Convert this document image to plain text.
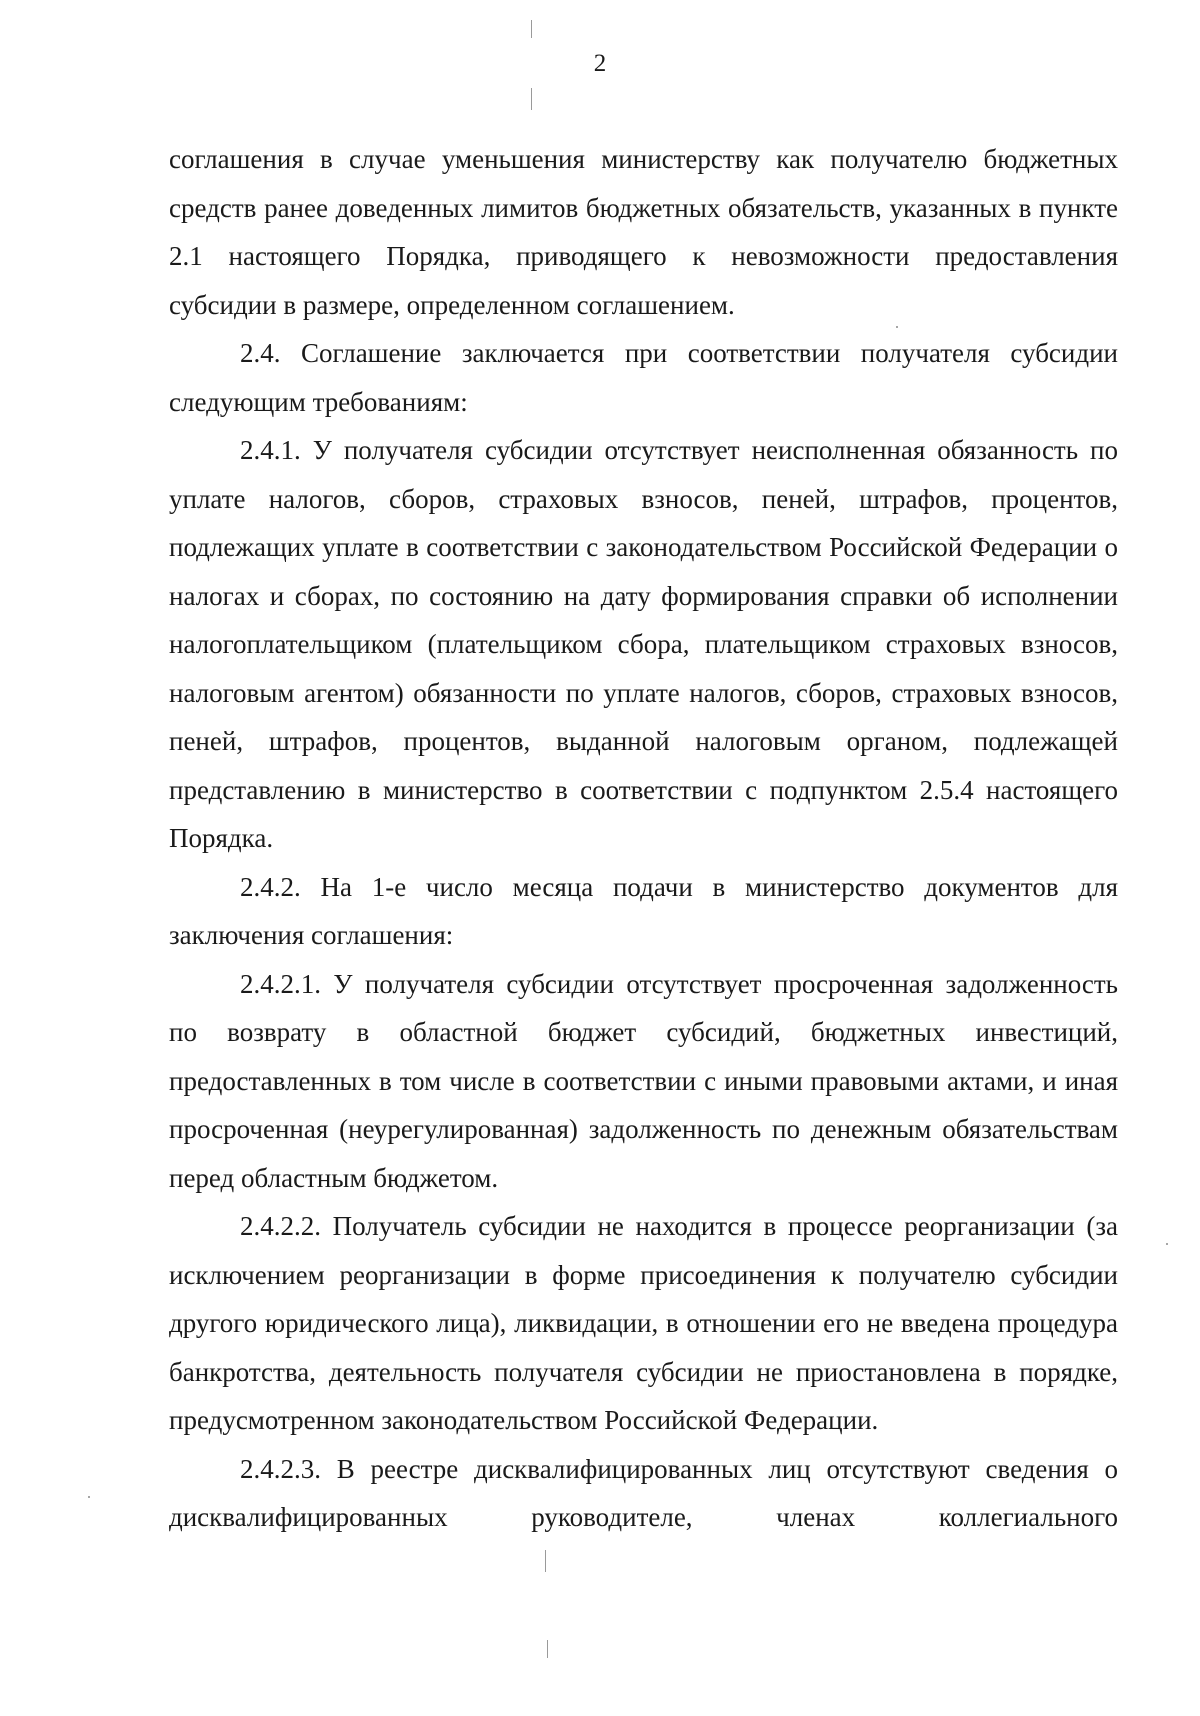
2

соглашения в случае уменьшения министерству как получателю бюджетных средств ранее доведенных лимитов бюджетных обязательств, указанных в пункте 2.1 настоящего Порядка, приводящего к невозможности предоставления субсидии в размере, определенном соглашением.

2.4. Соглашение заключается при соответствии получателя субсидии следующим требованиям:

2.4.1. У получателя субсидии отсутствует неисполненная обязанность по уплате налогов, сборов, страховых взносов, пеней, штрафов, процентов, подлежащих уплате в соответствии с законодательством Российской Федерации о налогах и сборах, по состоянию на дату формирования справки об исполнении налогоплательщиком (плательщиком сбора, плательщиком страховых взносов, налоговым агентом) обязанности по уплате налогов, сборов, страховых взносов, пеней, штрафов, процентов, выданной налоговым органом, подлежащей представлению в министерство в соответствии с подпунктом 2.5.4 настоящего Порядка.

2.4.2. На 1-е число месяца подачи в министерство документов для заключения соглашения:

2.4.2.1. У получателя субсидии отсутствует просроченная задолженность по возврату в областной бюджет субсидий, бюджетных инвестиций, предоставленных в том числе в соответствии с иными правовыми актами, и иная просроченная (неурегулированная) задолженность по денежным обязательствам перед областным бюджетом.

2.4.2.2. Получатель субсидии не находится в процессе реорганизации (за исключением реорганизации в форме присоединения к получателю субсидии другого юридического лица), ликвидации, в отношении его не введена процедура банкротства, деятельность получателя субсидии не приостановлена в порядке, предусмотренном законодательством Российской Федерации.

2.4.2.3. В реестре дисквалифицированных лиц отсутствуют сведения о дисквалифицированных руководителе, членах коллегиального
